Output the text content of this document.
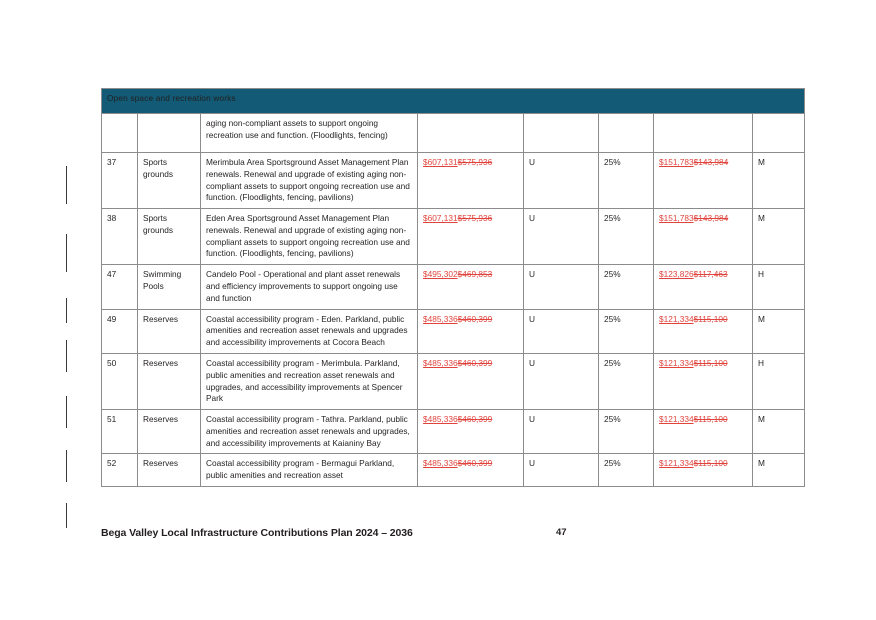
Open space and recreation works							
		aging non-compliant assets to support ongoing recreation use and function. (Floodlights, fencing)					
37	Sports grounds	Merimbula Area Sportsground Asset Management Plan renewals. Renewal and upgrade of existing aging non-compliant assets to support ongoing recreation use and function. (Floodlights, fencing, pavilions)	$607,131$575,936	U	25%	$151,783$143,984	M
38	Sports grounds	Eden Area Sportsground Asset Management Plan renewals. Renewal and upgrade of existing aging non-compliant assets to support ongoing recreation use and function. (Floodlights, fencing, pavilions)	$607,131$575,936	U	25%	$151,783$143,984	M
47	Swimming Pools	Candelo Pool - Operational and plant asset renewals and efficiency improvements to support ongoing use and function	$495,302$469,853	U	25%	$123,826$117,463	H
49	Reserves	Coastal accessibility program - Eden. Parkland, public amenities and recreation asset renewals and upgrades and accessibility improvements at Cocora Beach	$485,336$460,399	U	25%	$121,334$115,100	M
50	Reserves	Coastal accessibility program - Merimbula. Parkland, public amenities and recreation asset renewals and upgrades, and accessibility improvements at Spencer Park	$485,336$460,399	U	25%	$121,334$115,100	H
51	Reserves	Coastal accessibility program - Tathra. Parkland, public amenities and recreation asset renewals and upgrades, and accessibility improvements at Kaianiny Bay	$485,336$460,399	U	25%	$121,334$115,100	M
52	Reserves	Coastal accessibility program - Bermagui Parkland, public amenities and recreation asset	$485,336$460,399	U	25%	$121,334$115,100	M
Bega Valley Local Infrastructure Contributions Plan 2024 – 2036	47
